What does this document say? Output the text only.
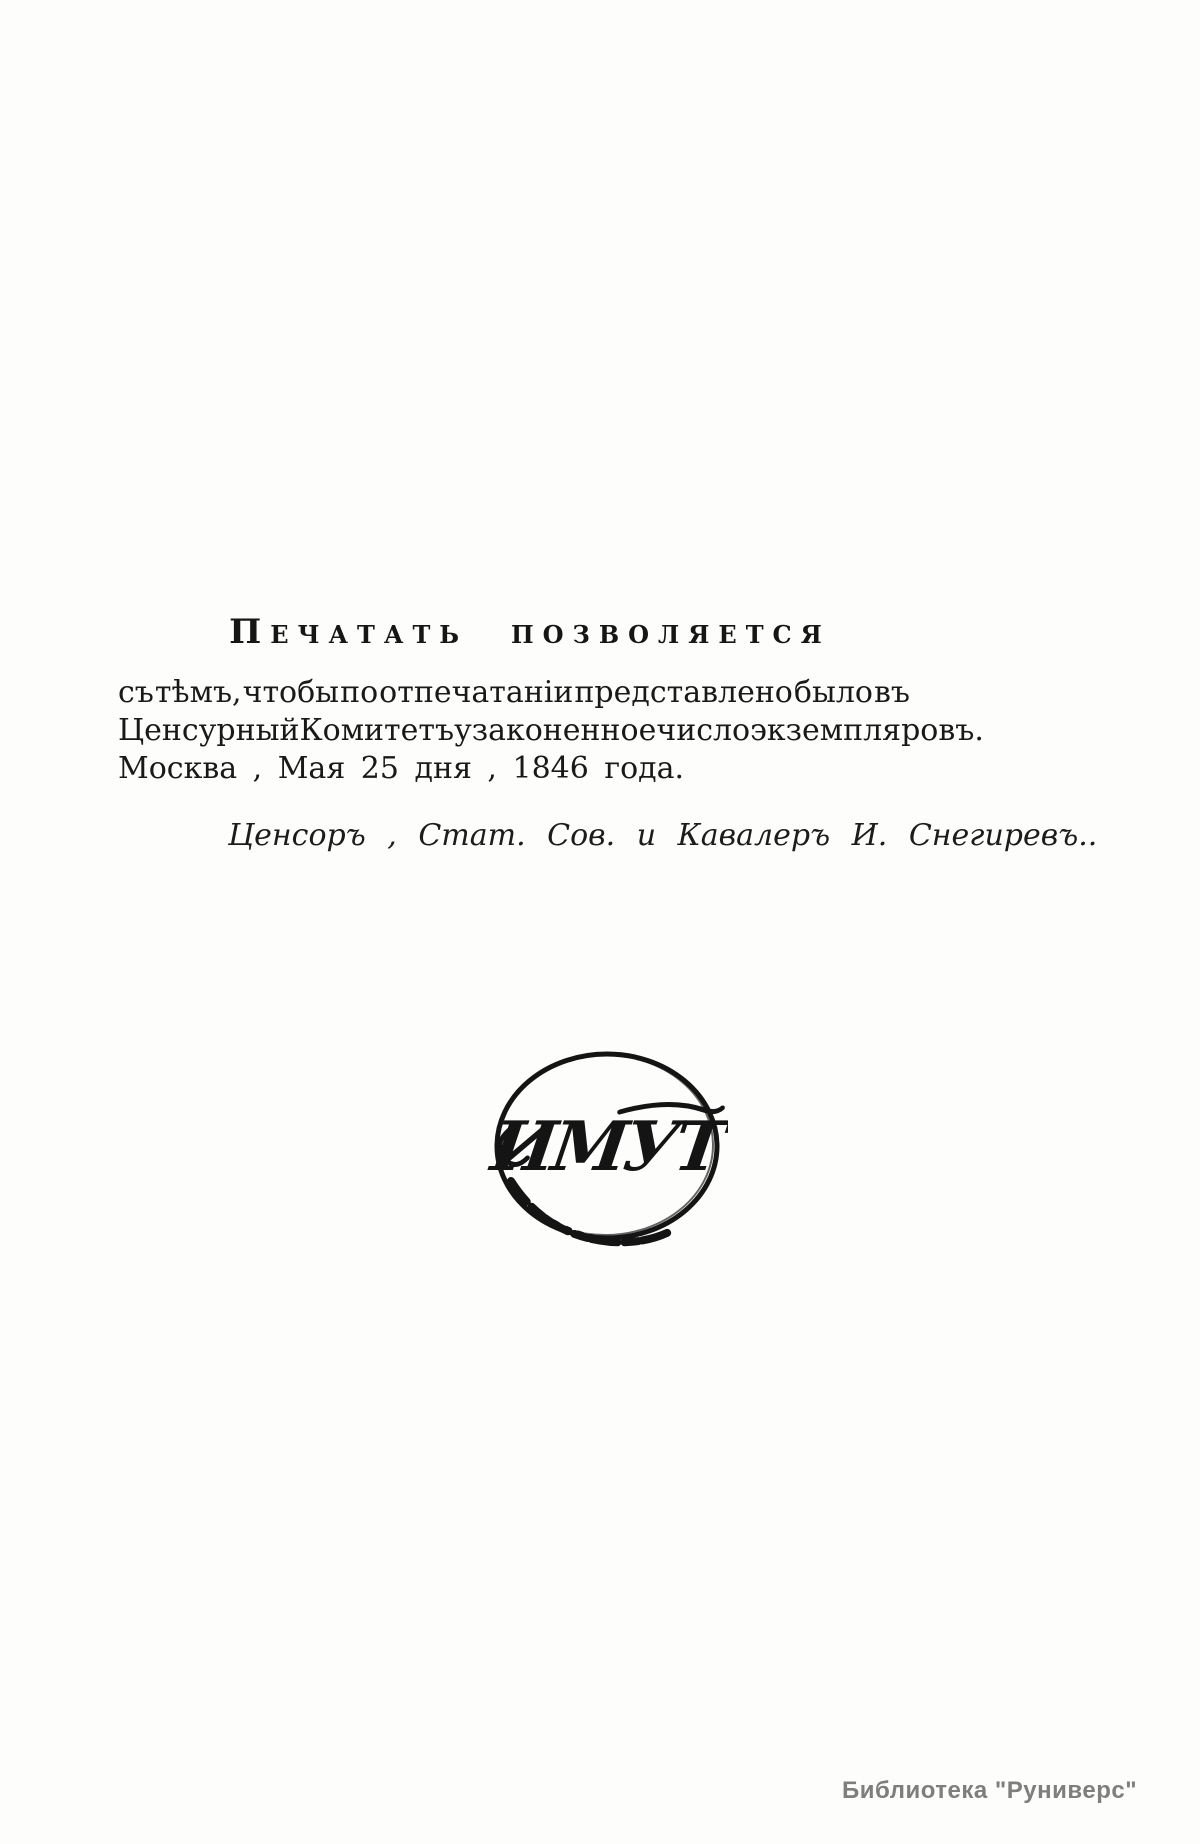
Печатать позволяется
съ тѣмъ, чтобы по отпечатаніи представлено было въ
Ценсурный Комитетъ узаконенное число экземпляровъ.
Москва , Мая 25 дня , 1846 года.
Ценсоръ , Стат. Сов. и Кавалеръ И. Снегиревъ..
ИМУТ
Библиотека "Руниверс"
